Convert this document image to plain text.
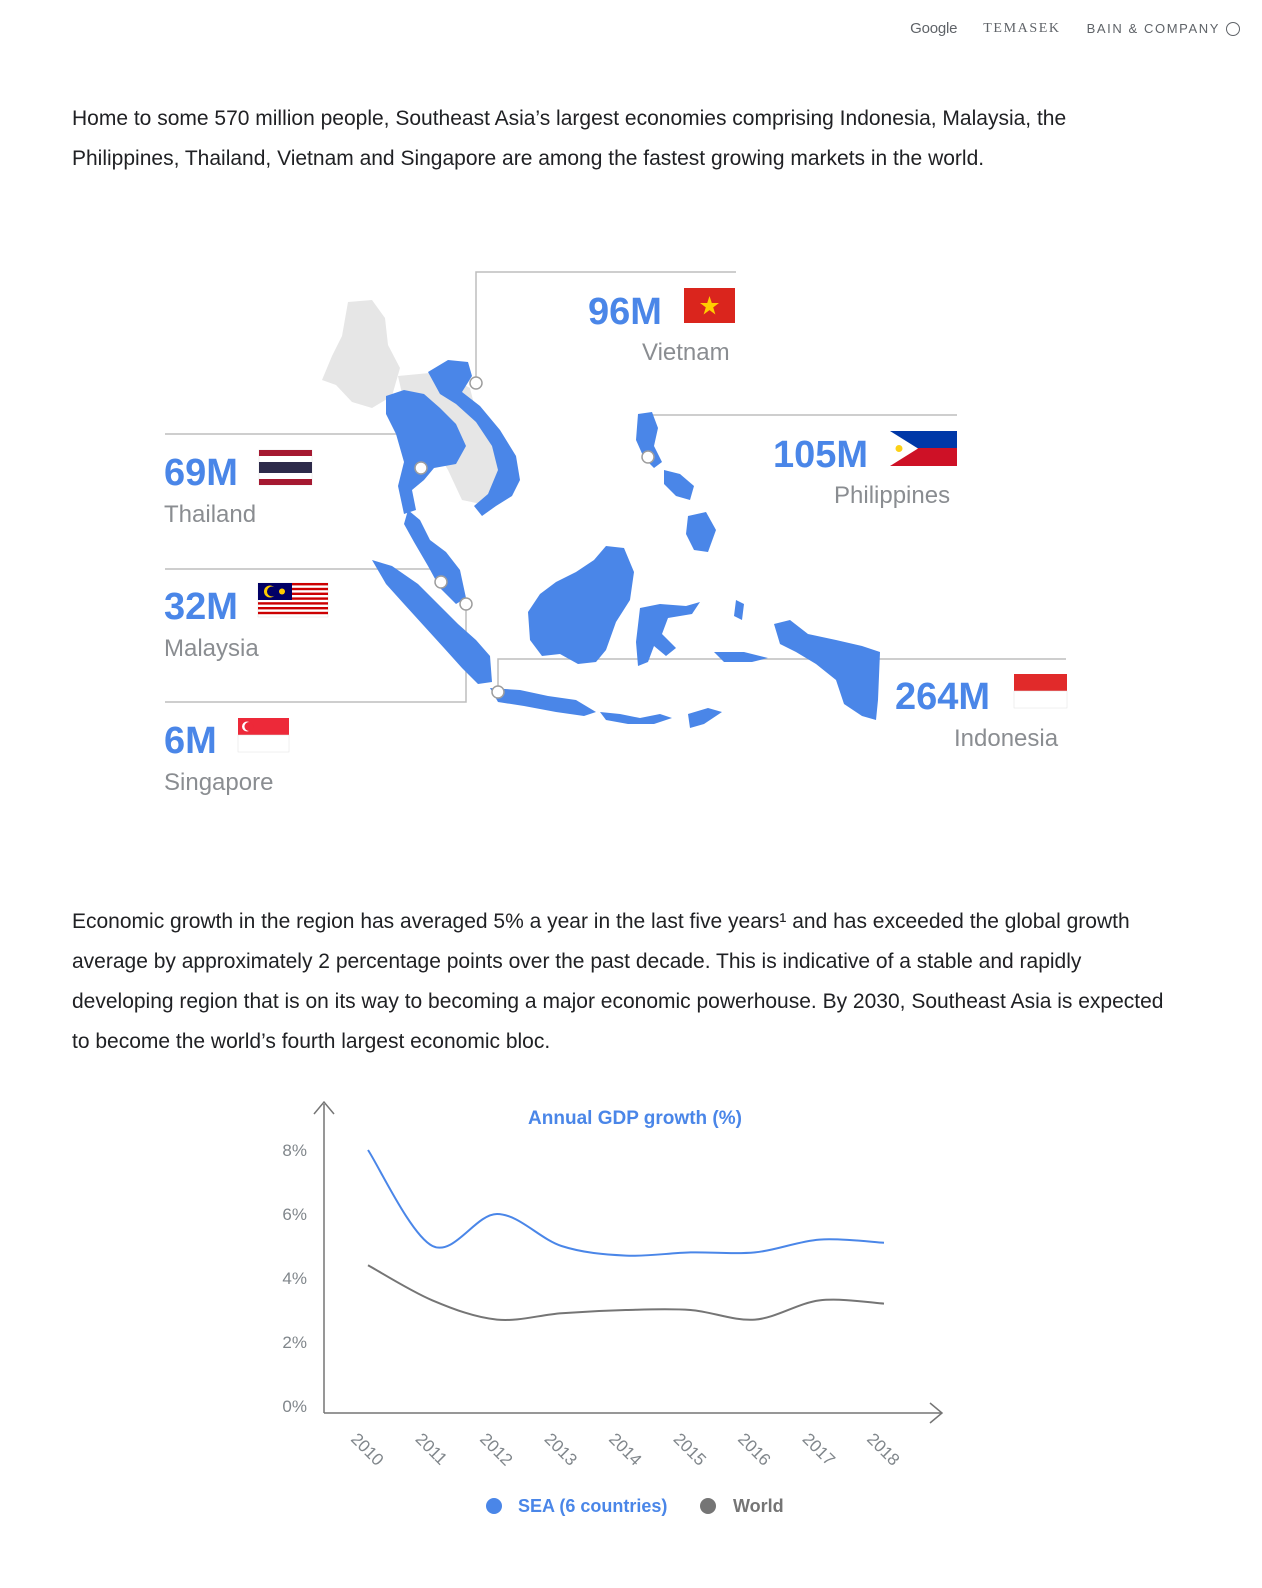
Google TEMASEK BAIN & COMPANY

Home to some 570 million people, Southeast Asia’s largest economies comprising Indonesia, Malaysia, the Philippines, Thailand, Vietnam and Singapore are among the fastest growing markets in the world.

96M
Vietnam
69M
Thailand
105M
Philippines
32M
Malaysia
264M
Indonesia
6M
Singapore

Economic growth in the region has averaged 5% a year in the last five years¹ and has exceeded the global growth average by approximately 2 percentage points over the past decade. This is indicative of a stable and rapidly developing region that is on its way to becoming a major economic powerhouse. By 2030, Southeast Asia is expected to become the world’s fourth largest economic bloc.

Annual GDP growth (%)
0%
2%
4%
6%
8%
2010 2011 2012 2013 2014 2015 2016 2017 2018
SEA (6 countries)	World
